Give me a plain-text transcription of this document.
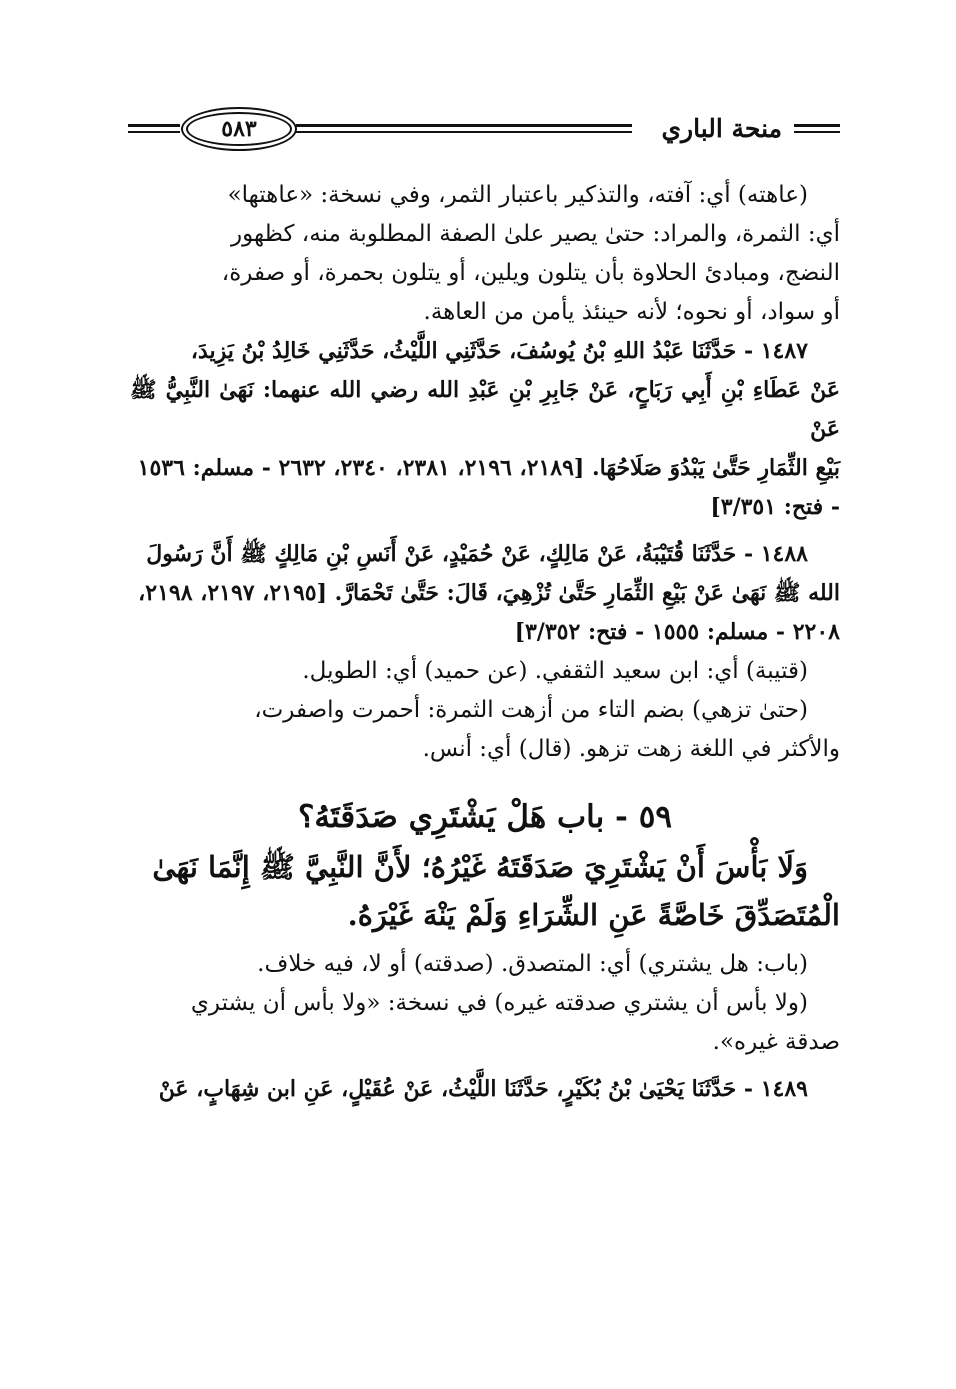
منحة الباري
٥٨٣

(عاهته) أي: آفته، والتذكير باعتبار الثمر، وفي نسخة: «عاهتها»
أي: الثمرة، والمراد: حتىٰ يصير علىٰ الصفة المطلوبة منه، كظهور
النضج، ومبادئ الحلاوة بأن يتلون ويلين، أو يتلون بحمرة، أو صفرة،
أو سواد، أو نحوه؛ لأنه حينئذ يأمن من العاهة.

١٤٨٧ - حَدَّثَنَا عَبْدُ اللهِ بْنُ يُوسُفَ، حَدَّثَنِي اللَّيْثُ، حَدَّثَنِي خَالِدُ بْنُ يَزِيدَ،
عَنْ عَطَاءِ بْنِ أَبِي رَبَاحٍ، عَنْ جَابِرِ بْنِ عَبْدِ الله رضي الله عنهما: نَهَىٰ النَّبِيُّ ﷺ عَنْ
بَيْعِ الثِّمَارِ حَتَّىٰ يَبْدُوَ صَلَاحُهَا. [٢١٨٩، ٢١٩٦، ٢٣٨١، ٢٣٤٠، ٢٦٣٢ - مسلم: ١٥٣٦
- فتح: ٣/٣٥١]

١٤٨٨ - حَدَّثَنَا قُتَيْبَةُ، عَنْ مَالِكٍ، عَنْ حُمَيْدٍ، عَنْ أَنَسِ بْنِ مَالِكٍ ﷺ أَنَّ رَسُولَ
الله ﷺ نَهَىٰ عَنْ بَيْعِ الثِّمَارِ حَتَّىٰ تُزْهِيَ، قَالَ: حَتَّىٰ تَحْمَارَّ. [٢١٩٥، ٢١٩٧، ٢١٩٨،
٢٢٠٨ - مسلم: ١٥٥٥ - فتح: ٣/٣٥٢]

(قتيبة) أي: ابن سعيد الثقفي. (عن حميد) أي: الطويل.

(حتىٰ تزهي) بضم التاء من أزهت الثمرة: أحمرت واصفرت،
والأكثر في اللغة زهت تزهو. (قال) أي: أنس.

٥٩ - باب هَلْ يَشْتَرِي صَدَقَتَهُ؟

وَلَا بَأْسَ أَنْ يَشْتَرِيَ صَدَقَتَهُ غَيْرُهُ؛ لأَنَّ النَّبِيَّ ﷺ إِنَّمَا نَهَىٰ
الْمُتَصَدِّقَ خَاصَّةً عَنِ الشِّرَاءِ وَلَمْ يَنْهَ غَيْرَهُ.

(باب: هل يشتري) أي: المتصدق. (صدقته) أو لا، فيه خلاف.

(ولا بأس أن يشتري صدقته غيره) في نسخة: «ولا بأس أن يشتري
صدقة غيره».

١٤٨٩ - حَدَّثَنَا يَحْيَىٰ بْنُ بُكَيْرٍ، حَدَّثَنَا اللَّيْثُ، عَنْ عُقَيْلٍ، عَنِ ابن شِهَابٍ، عَنْ
